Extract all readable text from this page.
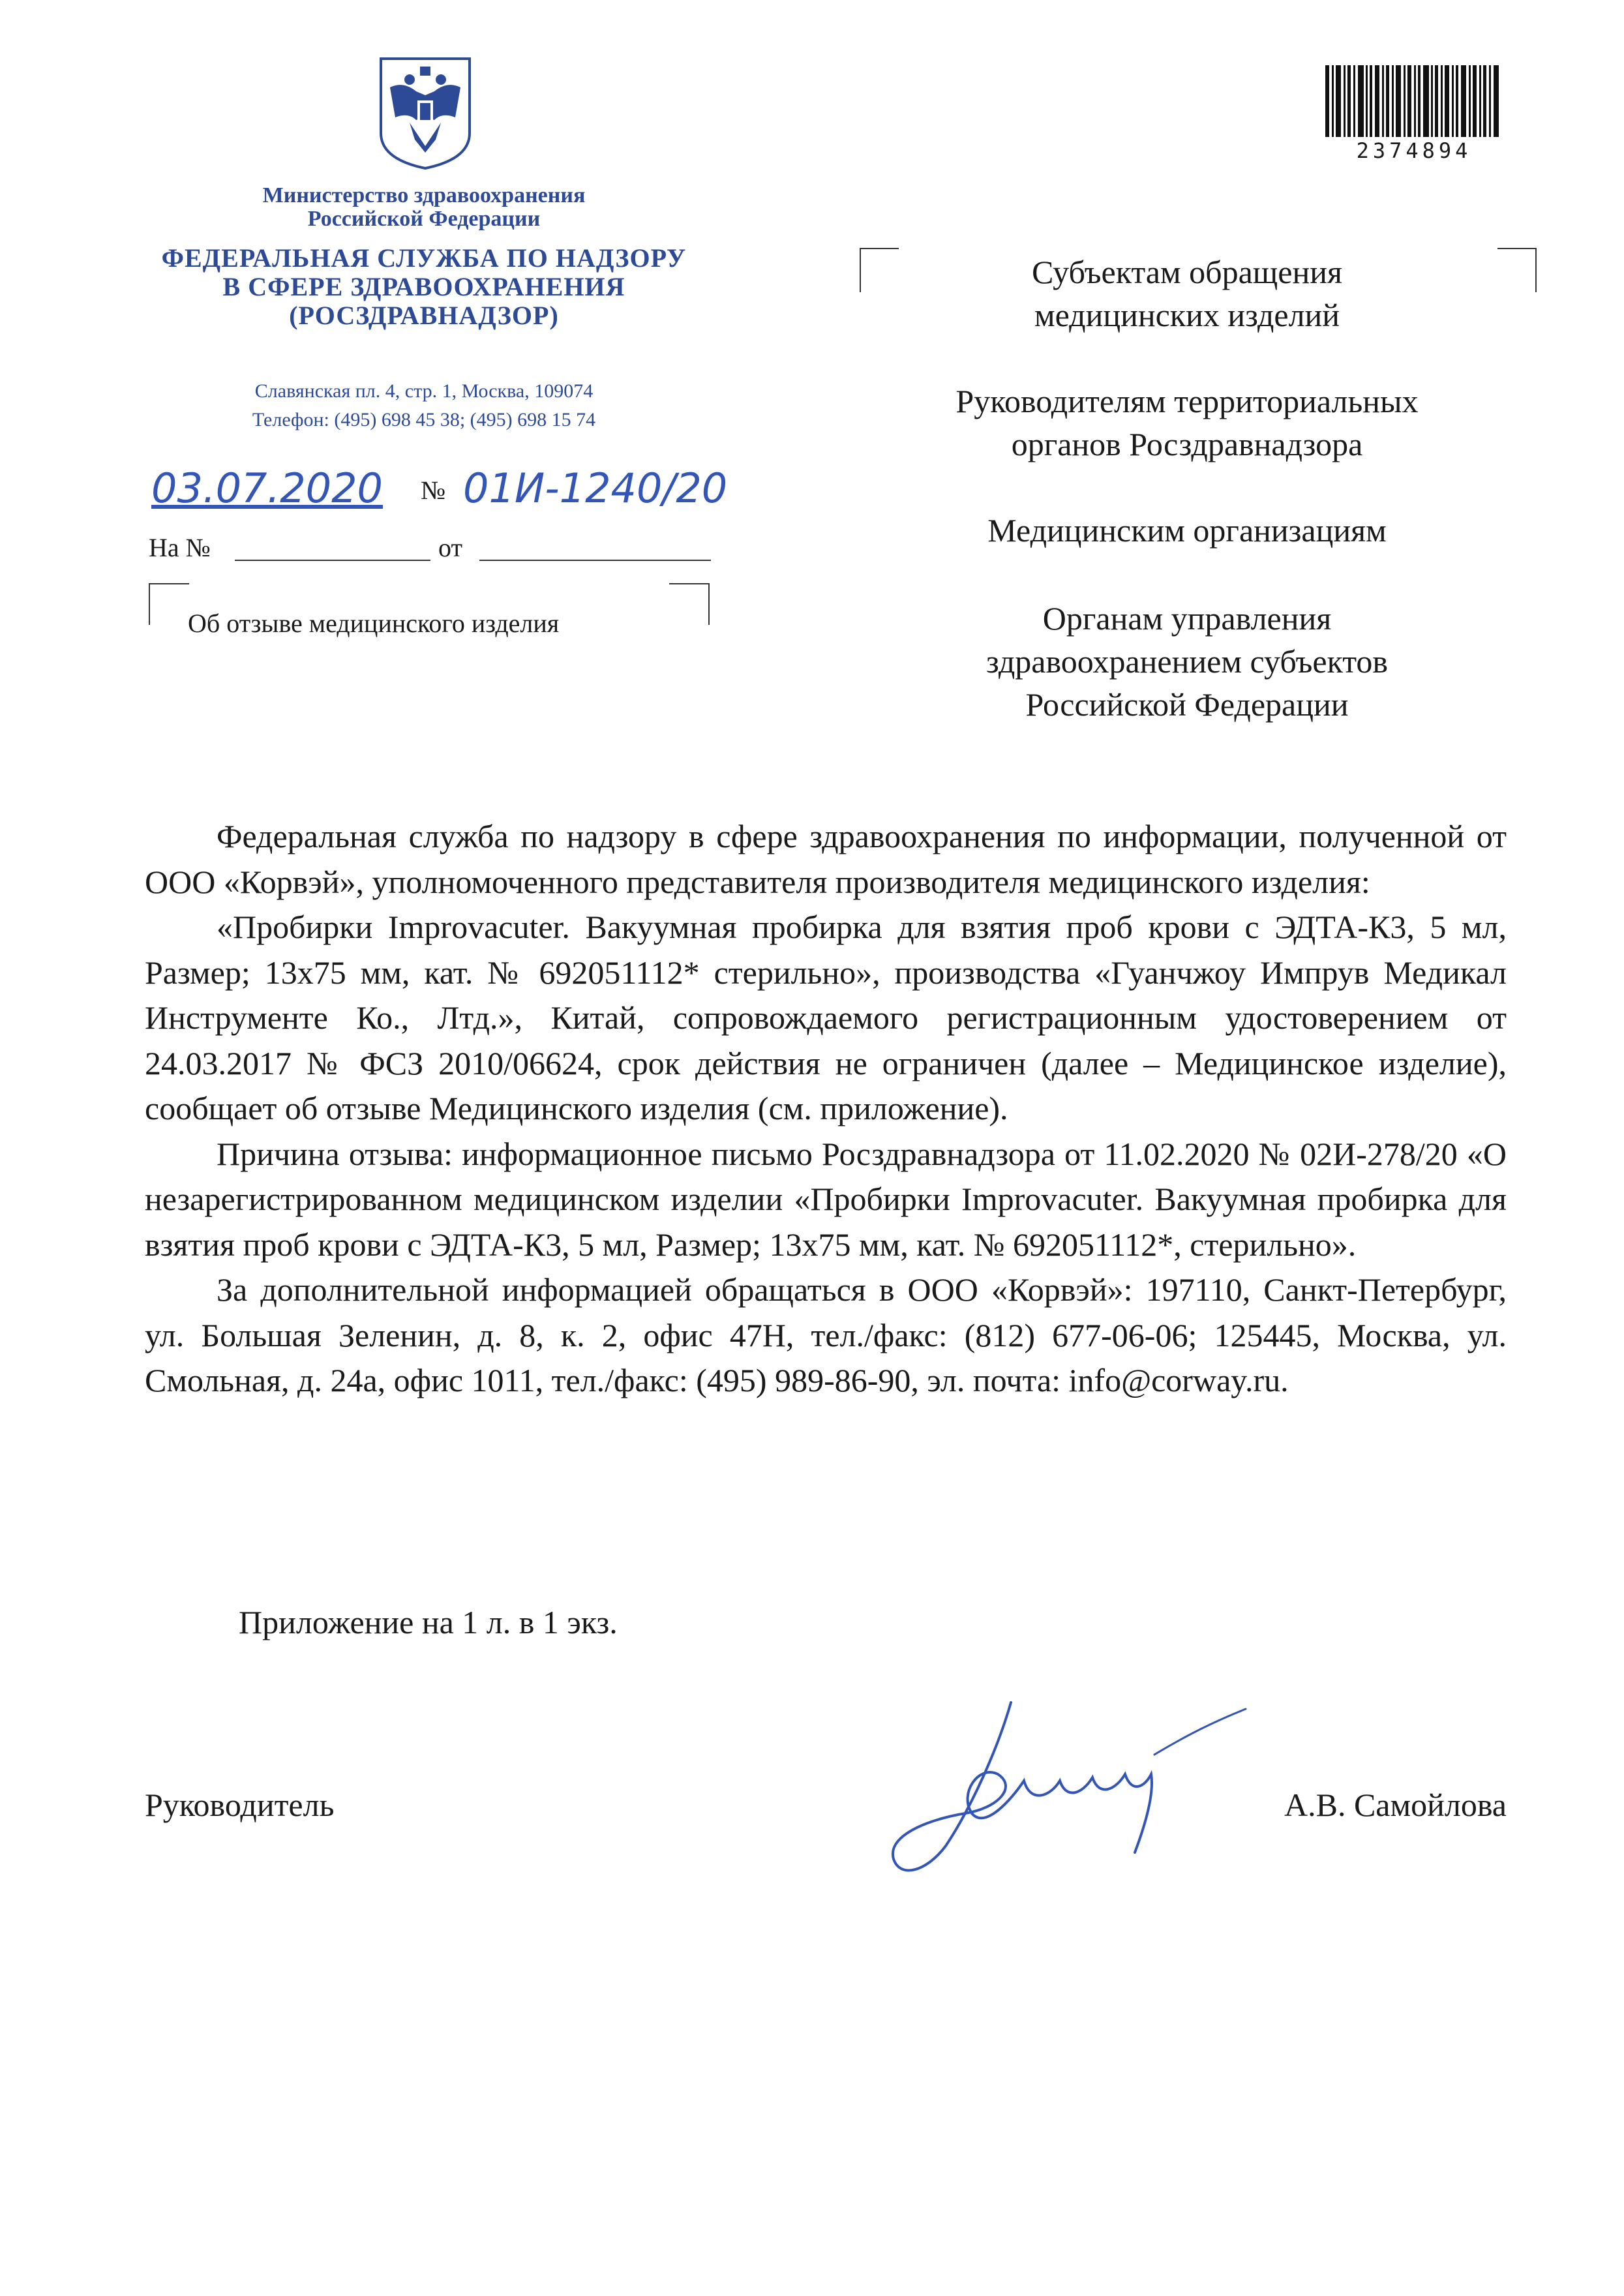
Министерство здравоохранения
Российской Федерации
ФЕДЕРАЛЬНАЯ СЛУЖБА ПО НАДЗОРУ
В СФЕРЕ ЗДРАВООХРАНЕНИЯ
(РОСЗДРАВНАДЗОР)
Славянская пл. 4, стр. 1, Москва, 109074
Телефон: (495) 698 45 38; (495) 698 15 74
03.07.2020 № 01И-1240/20
На №	от
Об отзыве медицинского изделия
2374894
Субъектам обращения
медицинских изделий
Руководителям территориальных
органов Росздравнадзора
Медицинским организациям
Органам управления
здравоохранением субъектов
Российской Федерации

Федеральная служба по надзору в сфере здравоохранения по информации, полученной от ООО «Корвэй», уполномоченного представителя производителя медицинского изделия:

«Пробирки Improvacuter. Вакуумная пробирка для взятия проб крови с ЭДТА-К3, 5 мл, Размер; 13х75 мм, кат. № 692051112* стерильно», производства «Гуанчжоу Импрув Медикал Инструменте Ко., Лтд.», Китай, сопровождаемого регистрационным удостоверением от 24.03.2017 № ФСЗ 2010/06624, срок действия не ограничен (далее – Медицинское изделие), сообщает об отзыве Медицинского изделия (см. приложение).

Причина отзыва: информационное письмо Росздравнадзора от 11.02.2020 № 02И-278/20 «О незарегистрированном медицинском изделии «Пробирки Improvacuter. Вакуумная пробирка для взятия проб крови с ЭДТА-К3, 5 мл, Размер; 13х75 мм, кат. № 692051112*, стерильно».

За дополнительной информацией обращаться в ООО «Корвэй»: 197110, Санкт-Петербург, ул. Большая Зеленин, д. 8, к. 2, офис 47Н, тел./факс: (812) 677-06-06; 125445, Москва, ул. Смольная, д. 24а, офис 1011, тел./факс: (495) 989-86-90, эл. почта: info@corway.ru.

Приложение на 1 л. в 1 экз.
Руководитель	А.В. Самойлова
